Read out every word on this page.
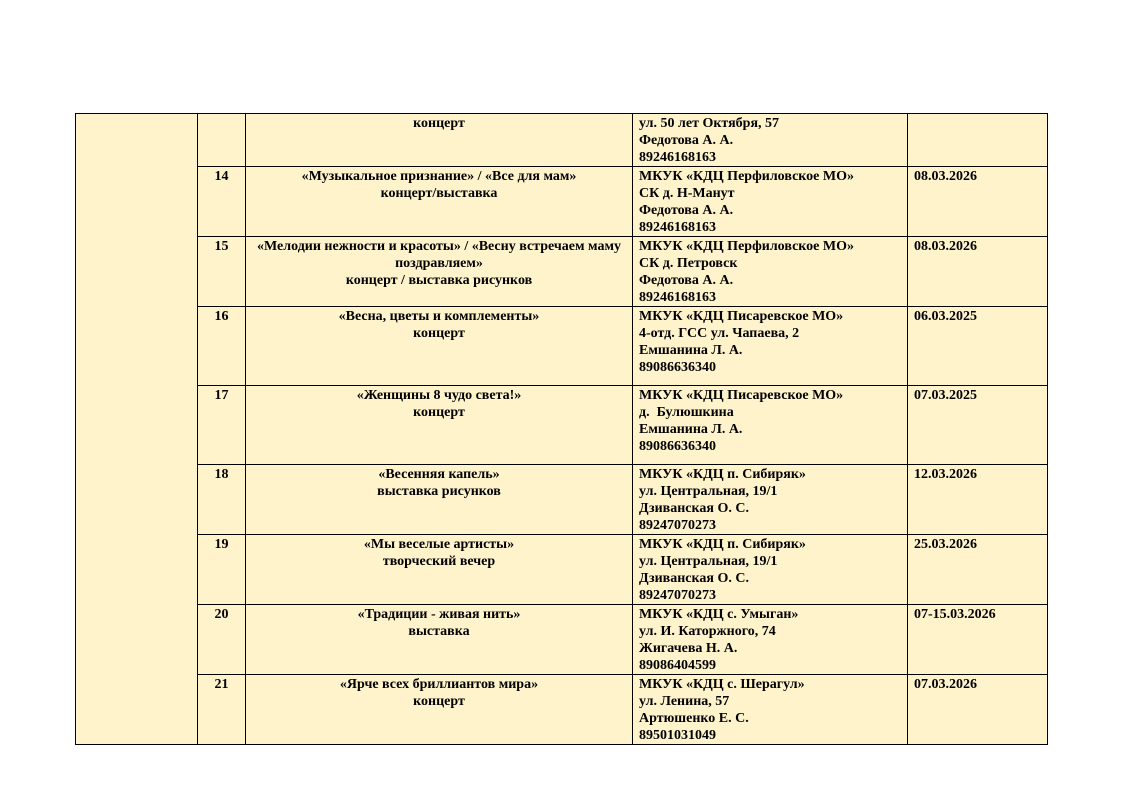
		концерт	ул. 50 лет Октября, 57
Федотова А. А.
89246168163	

	14	«Музыкальное признание» / «Все для мам»
концерт/выставка	МКУК «КДЦ Перфиловское МО»
СК д. Н-Манут
Федотова А. А.
89246168163	08.03.2026
	15	«Мелодии нежности и красоты» / «Весну встречаем маму поздравляем»
концерт / выставка рисунков	МКУК «КДЦ Перфиловское МО»
СК д. Петровск
Федотова А. А.
89246168163	08.03.2026
	16	«Весна, цветы и комплементы»
концерт	МКУК «КДЦ Писаревское МО»
4-отд. ГСС ул. Чапаева, 2
Емшанина Л. А.
89086636340	06.03.2025
	17	«Женщины 8 чудо света!»
концерт	МКУК «КДЦ Писаревское МО»
д.  Булюшкина
Емшанина Л. А.
89086636340	07.03.2025
	18	«Весенняя капель»
выставка рисунков	МКУК «КДЦ п. Сибиряк»
ул. Центральная, 19/1
Дзиванская О. С.
89247070273	12.03.2026
	19	«Мы веселые артисты»
творческий вечер	МКУК «КДЦ п. Сибиряк»
ул. Центральная, 19/1
Дзиванская О. С.
89247070273	25.03.2026
	20	«Традиции - живая нить»
выставка	МКУК «КДЦ с. Умыган»
ул. И. Каторжного, 74
Жигачева Н. А.
89086404599	07-15.03.2026
	21	«Ярче всех бриллиантов мира»
концерт	МКУК «КДЦ с. Шерагул»
ул. Ленина, 57
Артюшенко Е. С.
89501031049	07.03.2026
